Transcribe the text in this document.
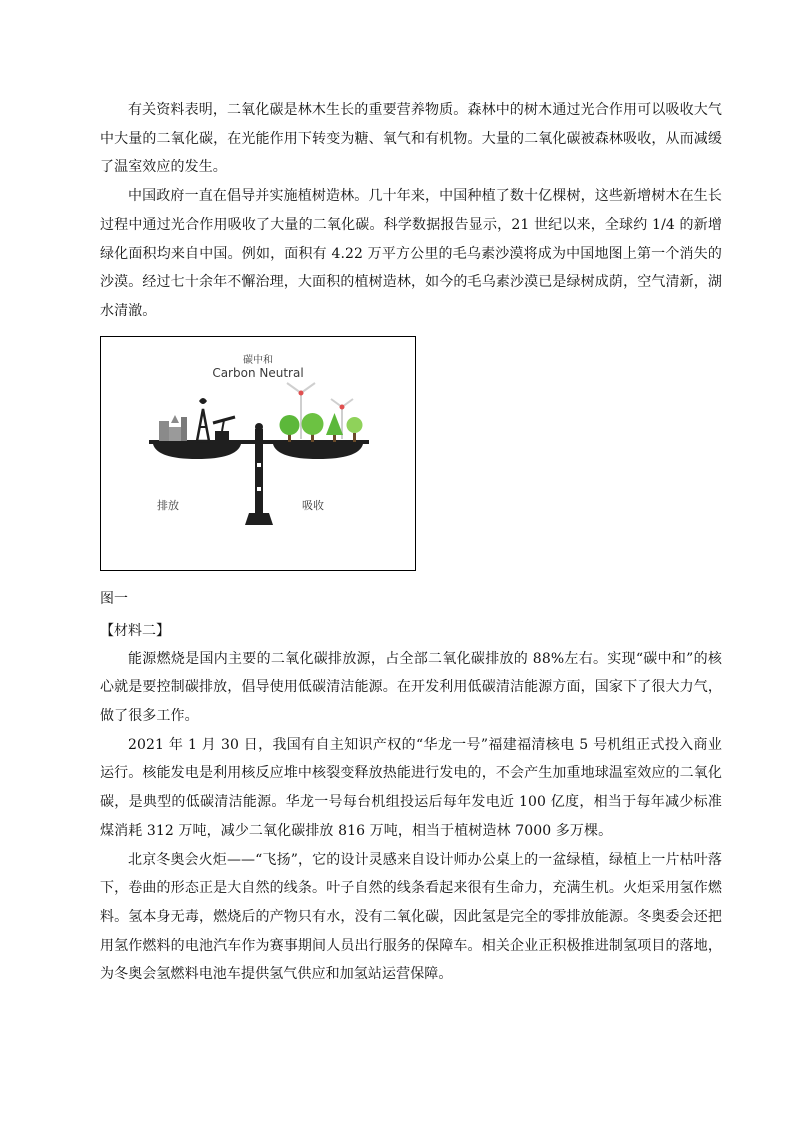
有关资料表明，二氧化碳是林木生长的重要营养物质。森林中的树木通过光合作用可以吸收大气中大量的二氧化碳，在光能作用下转变为糖、氧气和有机物。大量的二氧化碳被森林吸收，从而减缓了温室效应的发生。

中国政府一直在倡导并实施植树造林。几十年来，中国种植了数十亿棵树，这些新增树木在生长过程中通过光合作用吸收了大量的二氧化碳。科学数据报告显示，21 世纪以来，全球约 1/4 的新增绿化面积均来自中国。例如，面积有 4.22 万平方公里的毛乌素沙漠将成为中国地图上第一个消失的沙漠。经过七十余年不懈治理，大面积的植树造林，如今的毛乌素沙漠已是绿树成荫，空气清新，湖水清澈。

碳中和
Carbon Neutral
排放	吸收

图一

【材料二】

能源燃烧是国内主要的二氧化碳排放源，占全部二氧化碳排放的 88%左右。实现“碳中和”的核心就是要控制碳排放，倡导使用低碳清洁能源。在开发利用低碳清洁能源方面，国家下了很大力气，做了很多工作。

2021 年 1 月 30 日，我国有自主知识产权的“华龙一号”福建福清核电 5 号机组正式投入商业运行。核能发电是利用核反应堆中核裂变释放热能进行发电的，不会产生加重地球温室效应的二氧化碳，是典型的低碳清洁能源。华龙一号每台机组投运后每年发电近 100 亿度，相当于每年减少标准煤消耗 312 万吨，减少二氧化碳排放 816 万吨，相当于植树造林 7000 多万棵。

北京冬奥会火炬——“飞扬”，它的设计灵感来自设计师办公桌上的一盆绿植，绿植上一片枯叶落下，卷曲的形态正是大自然的线条。叶子自然的线条看起来很有生命力，充满生机。火炬采用氢作燃料。氢本身无毒，燃烧后的产物只有水，没有二氧化碳，因此氢是完全的零排放能源。冬奥委会还把用氢作燃料的电池汽车作为赛事期间人员出行服务的保障车。相关企业正积极推进制氢项目的落地，为冬奥会氢燃料电池车提供氢气供应和加氢站运营保障。
